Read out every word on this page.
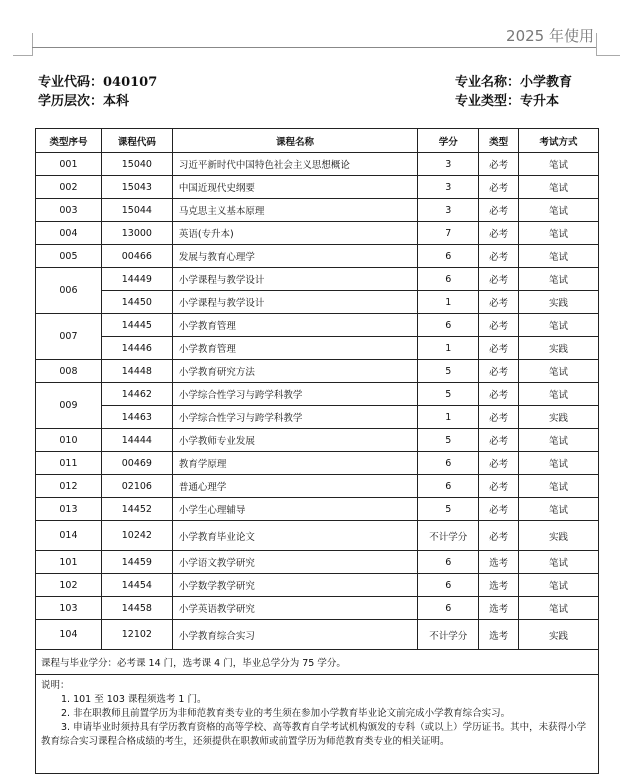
2025 年使用
专业代码：040107
学历层次：本科
专业名称：小学教育
专业类型：专升本
类型序号	课程代码	课程名称	学分	类型	考试方式
001	15040	习近平新时代中国特色社会主义思想概论	3	必考	笔试
002	15043	中国近现代史纲要	3	必考	笔试
003	15044	马克思主义基本原理	3	必考	笔试
004	13000	英语(专升本)	7	必考	笔试
005	00466	发展与教育心理学	6	必考	笔试
006	14449	小学课程与教学设计	6	必考	笔试
	14450	小学课程与教学设计	1	必考	实践
007	14445	小学教育管理	6	必考	笔试
	14446	小学教育管理	1	必考	实践
008	14448	小学教育研究方法	5	必考	笔试
009	14462	小学综合性学习与跨学科教学	5	必考	笔试
	14463	小学综合性学习与跨学科教学	1	必考	实践
010	14444	小学教师专业发展	5	必考	笔试
011	00469	教育学原理	6	必考	笔试
012	02106	普通心理学	6	必考	笔试
013	14452	小学生心理辅导	5	必考	笔试
014	10242	小学教育毕业论文	不计学分	必考	实践
101	14459	小学语文教学研究	6	选考	笔试
102	14454	小学数学教学研究	6	选考	笔试
103	14458	小学英语教学研究	6	选考	笔试
104	12102	小学教育综合实习	不计学分	选考	实践
课程与毕业学分：必考课 14 门，选考课 4 门，毕业总学分为 75 学分。					

说明：
1. 101 至 103 课程须选考 1 门。
2. 非在职教师且前置学历为非师范教育类专业的考生须在参加小学教育毕业论文前完成小学教育综合实习。
3. 申请毕业时须持具有学历教育资格的高等学校、高等教育自学考试机构颁发的专科（或以上）学历证书。其中，未获得小学教育综合实习课程合格成绩的考生，还须提供在职教师或前置学历为师范教育类专业的相关证明。					
